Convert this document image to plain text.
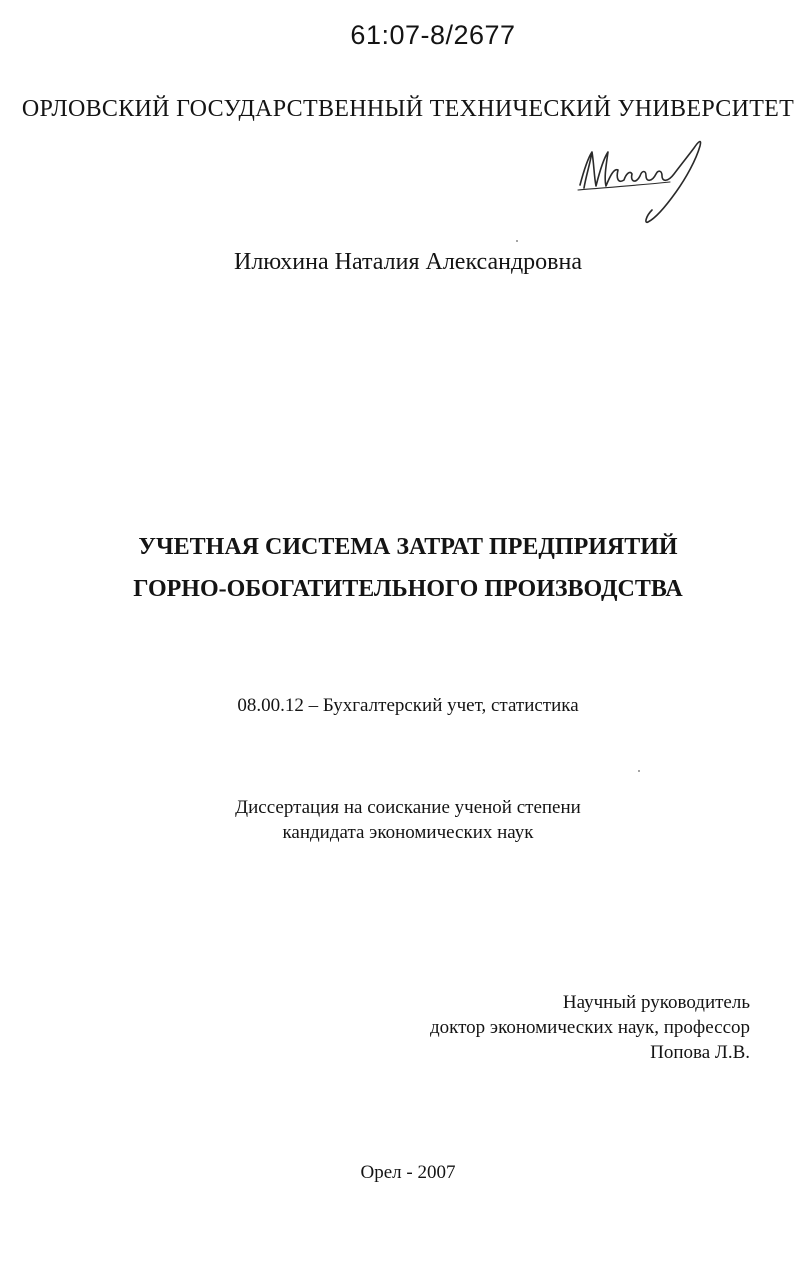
61:07-8/2677
ОРЛОВСКИЙ ГОСУДАРСТВЕННЫЙ ТЕХНИЧЕСКИЙ УНИВЕРСИТЕТ
Илюхина Наталия Александровна
УЧЕТНАЯ СИСТЕМА ЗАТРАТ ПРЕДПРИЯТИЙ
ГОРНО-ОБОГАТИТЕЛЬНОГО ПРОИЗВОДСТВА
08.00.12 – Бухгалтерский учет, статистика
Диссертация на соискание ученой степени
кандидата экономических наук
Научный руководитель
доктор экономических наук, профессор
Попова Л.В.
Орел - 2007
